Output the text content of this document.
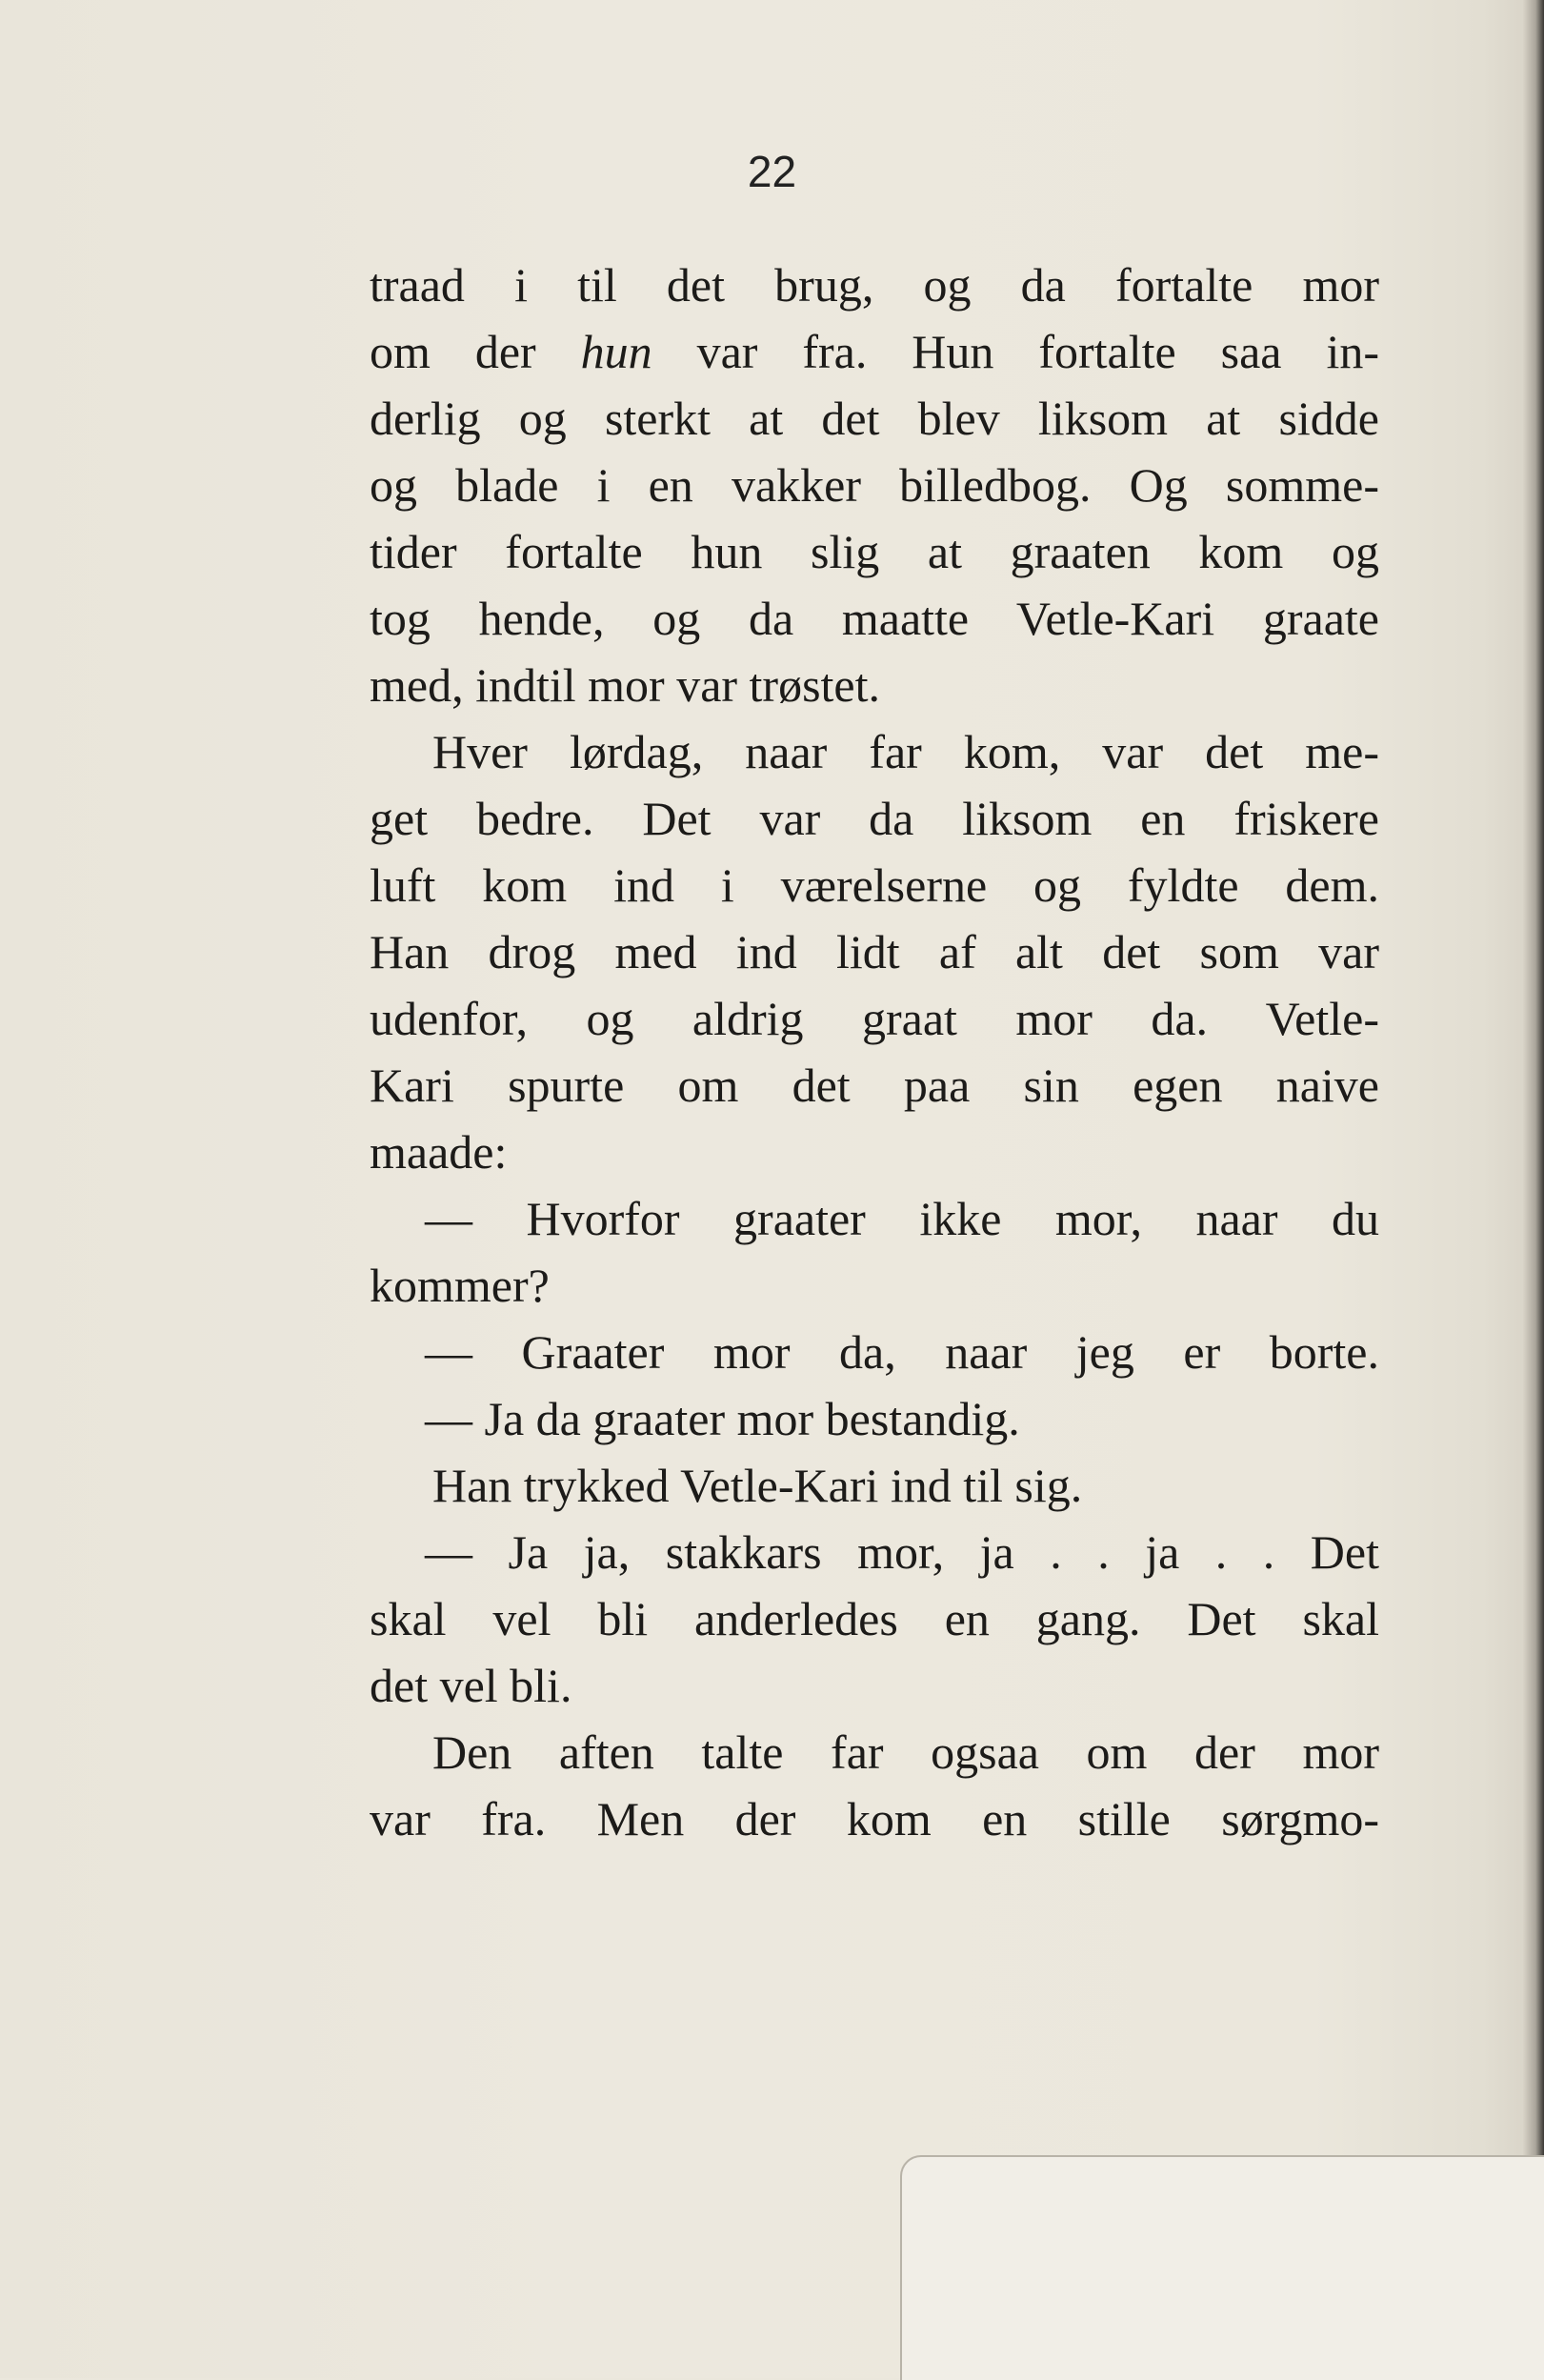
22
traad i til det brug, og da fortalte mor
om der hun var fra. Hun fortalte saa in-
derlig og sterkt at det blev liksom at sidde
og blade i en vakker billedbog. Og somme-
tider fortalte hun slig at graaten kom og
tog hende, og da maatte Vetle-Kari graate
med, indtil mor var trøstet.
Hver lørdag, naar far kom, var det me-
get bedre. Det var da liksom en friskere
luft kom ind i værelserne og fyldte dem.
Han drog med ind lidt af alt det som var
udenfor, og aldrig graat mor da. Vetle-
Kari spurte om det paa sin egen naive
maade:
— Hvorfor graater ikke mor, naar du
kommer?
— Graater mor da, naar jeg er borte.
— Ja da graater mor bestandig.
Han trykked Vetle-Kari ind til sig.
— Ja ja, stakkars mor, ja . . ja . . Det
skal vel bli anderledes en gang. Det skal
det vel bli.
Den aften talte far ogsaa om der mor
var fra. Men der kom en stille sørgmo-
